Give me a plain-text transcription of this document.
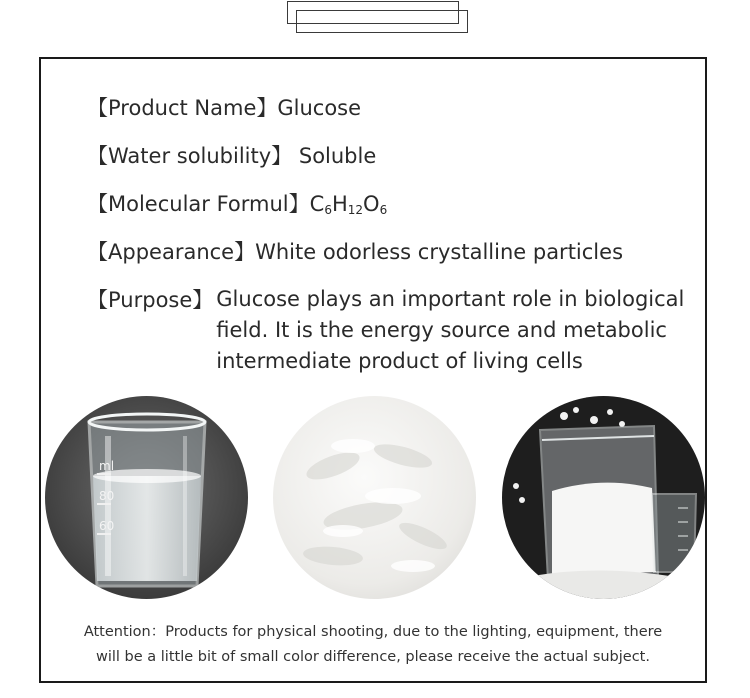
【Product Name】Glucose
【Water solubility】 Soluble
【Molecular Formul】$C_6H_{12}O_6$
【Appearance】White odorless crystalline particles
【Purpose】 Glucose plays an important role in biological field. It is the energy source and metabolic intermediate product of living cells
ml
80
60
Attention：Products for physical shooting, due to the lighting, equipment, there
will be a little bit of small color difference, please receive the actual subject.
